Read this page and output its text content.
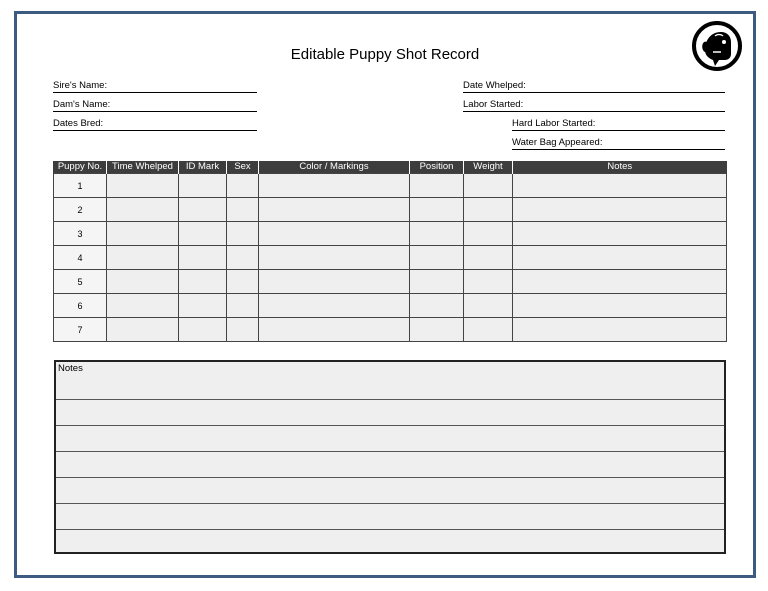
Editable Puppy Shot Record
Sire's Name:
Dam's Name:
Dates Bred:
Date Whelped:
Labor Started:
Hard Labor Started:
Water Bag Appeared:
Puppy No.	Time Whelped	ID Mark	Sex	Color / Markings	Position	Weight	Notes
1							
2							
3							
4							
5							
6							
7							
Notes
